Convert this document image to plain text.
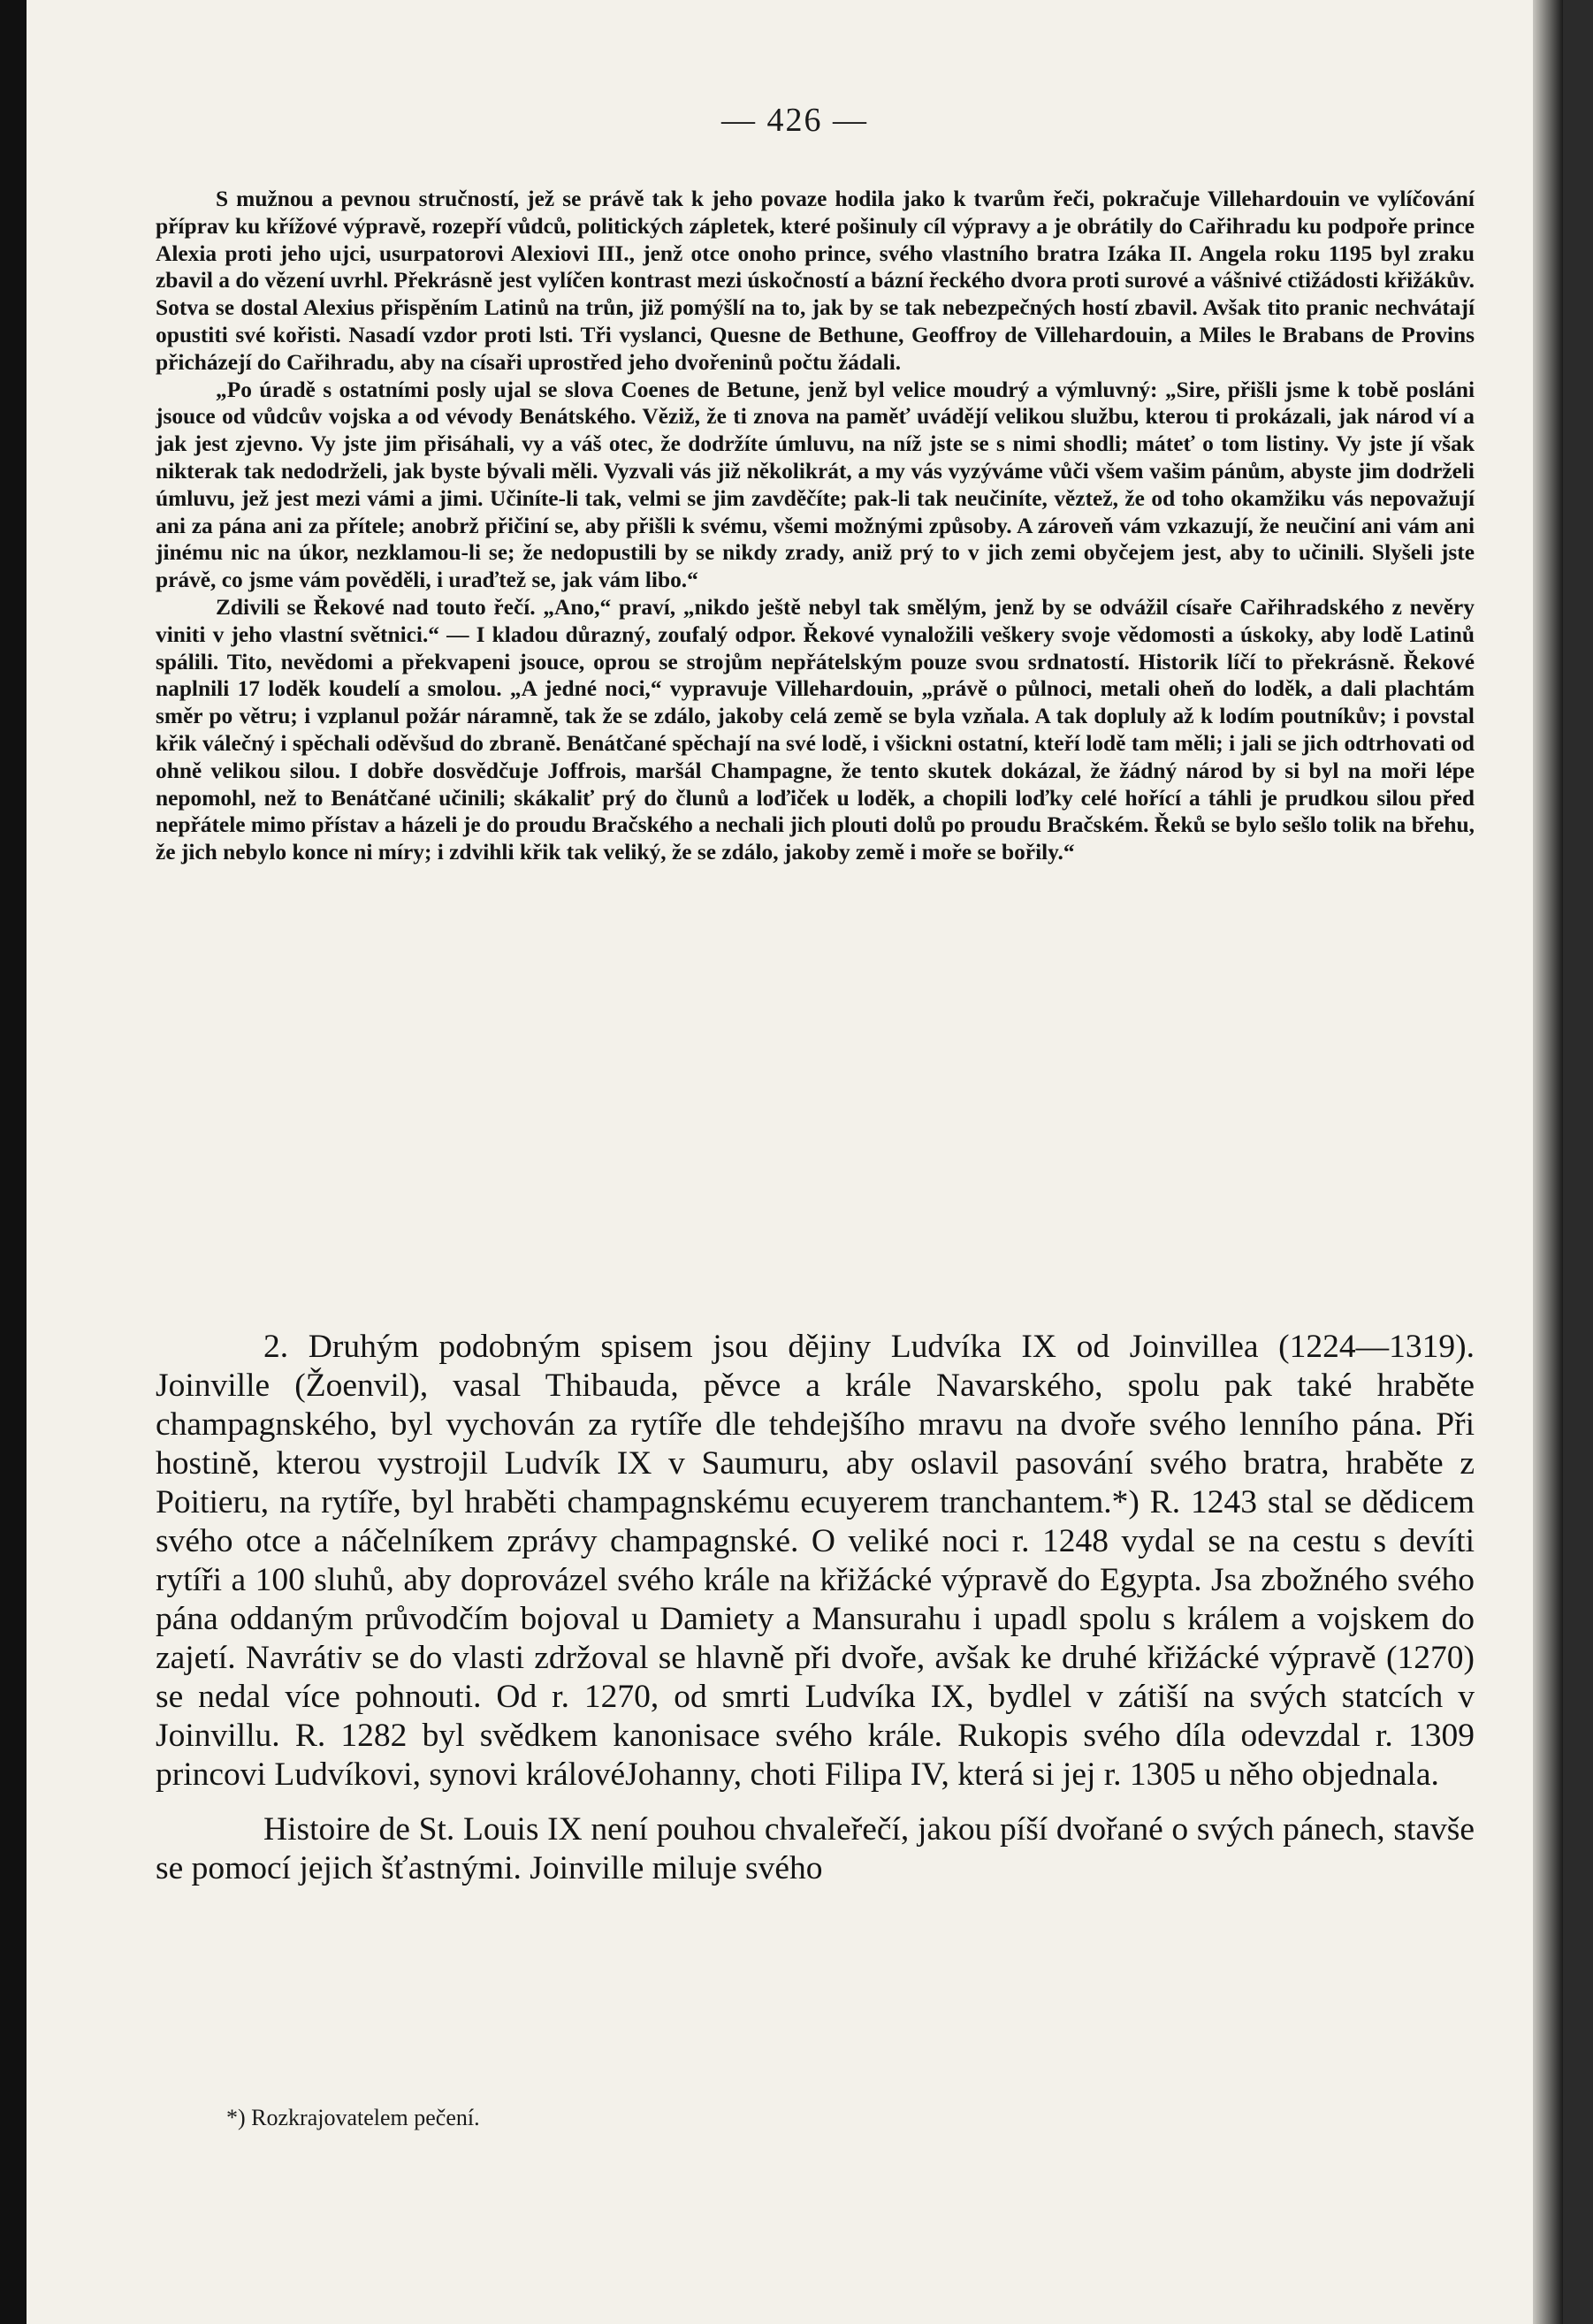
— 426 —

S mužnou a pevnou stručností, jež se právě tak k jeho povaze hodila jako k tvarům řeči, pokračuje Villehardouin ve vylíčování příprav ku křížové výpravě, rozepří vůdců, politických zápletek, které pošinuly cíl výpravy a je obrátily do Cařihradu ku podpoře prince Alexia proti jeho ujci, usurpatorovi Alexiovi III., jenž otce onoho prince, svého vlastního bratra Izáka II. Angela roku 1195 byl zraku zbavil a do vězení uvrhl. Překrásně jest vylíčen kontrast mezi úskočností a bázní řeckého dvora proti surové a vášnivé ctižádosti křižákův. Sotva se dostal Alexius přispěním Latinů na trůn, již pomýšlí na to, jak by se tak nebezpečných hostí zbavil. Avšak tito pranic nechvátají opustiti své kořisti. Nasadí vzdor proti lsti. Tři vyslanci, Quesne de Bethune, Geoffroy de Villehardouin, a Miles le Brabans de Provins přicházejí do Cařihradu, aby na císaři uprostřed jeho dvořeninů počtu žádali.

„Po úradě s ostatními posly ujal se slova Coenes de Betune, jenž byl velice moudrý a výmluvný: „Sire, přišli jsme k tobě posláni jsouce od vůdcův vojska a od vévody Benátského. Věziž, že ti znova na paměť uvádějí velikou službu, kterou ti prokázali, jak národ ví a jak jest zjevno. Vy jste jim přisáhali, vy a váš otec, že dodržíte úmluvu, na níž jste se s nimi shodli; máteť o tom listiny. Vy jste jí však nikterak tak nedodrželi, jak byste bývali měli. Vyzvali vás již několikrát, a my vás vyzýváme vůči všem vašim pánům, abyste jim dodrželi úmluvu, jež jest mezi vámi a jimi. Učiníte-li tak, velmi se jim zavděčíte; pak-li tak neučiníte, věztež, že od toho okamžiku vás nepovažují ani za pána ani za přítele; anobrž přičiní se, aby přišli k svému, všemi možnými způsoby. A zároveň vám vzkazují, že neučiní ani vám ani jinému nic na úkor, nezklamou-li se; že nedopustili by se nikdy zrady, aniž prý to v jich zemi obyčejem jest, aby to učinili. Slyšeli jste právě, co jsme vám pověděli, i uraďtež se, jak vám libo.“

Zdivili se Řekové nad touto řečí. „Ano,“ praví, „nikdo ještě nebyl tak smělým, jenž by se odvážil císaře Cařihradského z nevěry viniti v jeho vlastní světnici.“ — I kladou důrazný, zoufalý odpor. Řekové vynaložili veškery svoje vědomosti a úskoky, aby lodě Latinů spálili. Tito, nevědomi a překvapeni jsouce, oprou se strojům nepřátelským pouze svou srdnatostí. Historik líčí to překrásně. Řekové naplnili 17 loděk koudelí a smolou. „A jedné noci,“ vypravuje Villehardouin, „právě o půlnoci, metali oheň do loděk, a dali plachtám směr po větru; i vzplanul požár náramně, tak že se zdálo, jakoby celá země se byla vzňala. A tak dopluly až k lodím poutníkův; i povstal křik válečný i spěchali oděvšud do zbraně. Benátčané spěchají na své lodě, i všickni ostatní, kteří lodě tam měli; i jali se jich odtrhovati od ohně velikou silou. I dobře dosvědčuje Joffrois, maršál Champagne, že tento skutek dokázal, že žádný národ by si byl na moři lépe nepomohl, než to Benátčané učinili; skákaliť prý do člunů a loďiček u loděk, a chopili loďky celé hořící a táhli je prudkou silou před nepřátele mimo přístav a házeli je do proudu Bračského a nechali jich plouti dolů po proudu Bračském. Řeků se bylo sešlo tolik na břehu, že jich nebylo konce ni míry; i zdvihli křik tak veliký, že se zdálo, jakoby země i moře se bořily.“

2. Druhým podobným spisem jsou dějiny Ludvíka IX od Joinvillea (1224—1319). Joinville (Žoenvil), vasal Thibauda, pěvce a krále Navarského, spolu pak také hraběte champagnského, byl vychován za rytíře dle tehdejšího mravu na dvoře svého lenního pána. Při hostině, kterou vystrojil Ludvík IX v Saumuru, aby oslavil pasování svého bratra, hraběte z Poitieru, na rytíře, byl hraběti champagnskému ecuyerem tranchantem.*) R. 1243 stal se dědicem svého otce a náčelníkem zprávy champagnské. O veliké noci r. 1248 vydal se na cestu s devíti rytíři a 100 sluhů, aby doprovázel svého krále na křižácké výpravě do Egypta. Jsa zbožného svého pána oddaným průvodčím bojoval u Damiety a Mansurahu i upadl spolu s králem a vojskem do zajetí. Navrátiv se do vlasti zdržoval se hlavně při dvoře, avšak ke druhé křižácké výpravě (1270) se nedal více pohnouti. Od r. 1270, od smrti Ludvíka IX, bydlel v zátiší na svých statcích v Joinvillu. R. 1282 byl svědkem kanonisace svého krále. Rukopis svého díla odevzdal r. 1309 princovi Ludvíkovi, synovi královéJohanny, choti Filipa IV, která si jej r. 1305 u něho objednala.

Histoire de St. Louis IX není pouhou chvaleřečí, jakou píší dvořané o svých pánech, stavše se pomocí jejich šťastnými. Joinville miluje svého

*) Rozkrajovatelem pečení.
